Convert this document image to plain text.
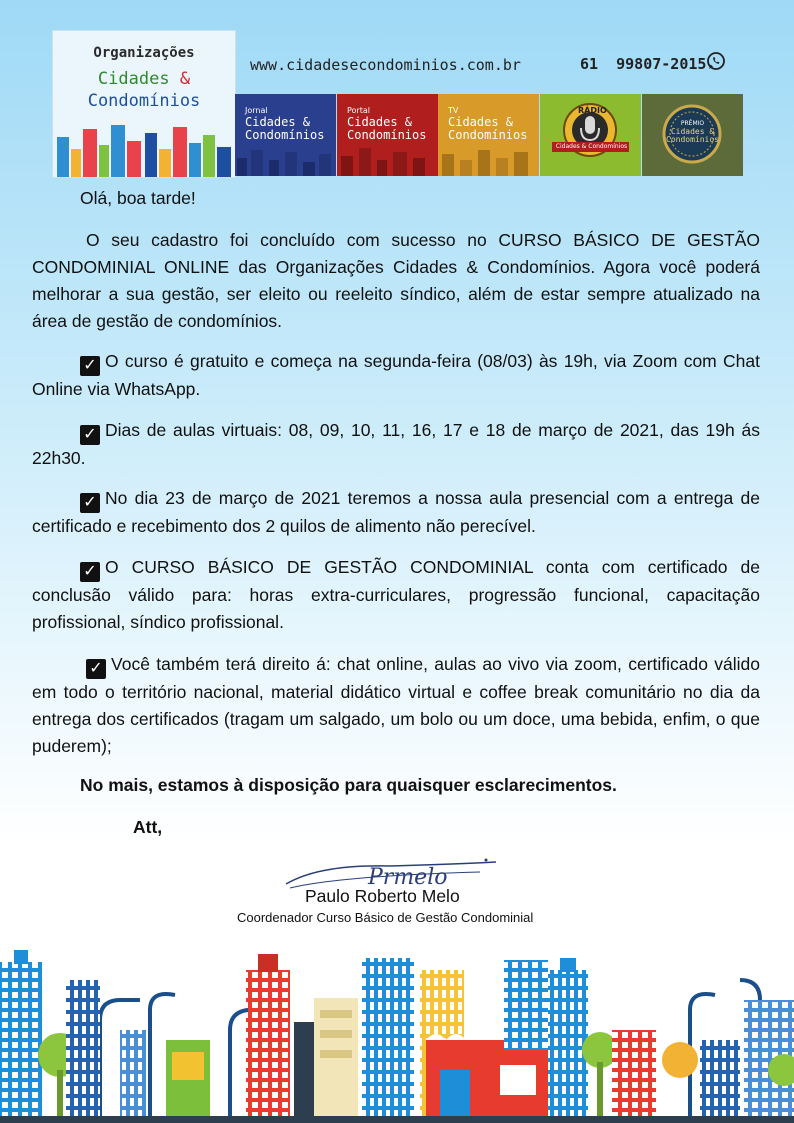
Organizações
Cidades &
Condomínios
www.cidadesecondominios.com.br	61 99807-2015
Jornal
Cidades &
Condomínios
Portal
Cidades &
Condomínios
TV
Cidades &
Condomínios
RÁDIO
Cidades & Condomínios
PRÊMIO
Cidades &
Condomínios
Olá, boa tarde!
O seu cadastro foi concluído com sucesso no CURSO BÁSICO DE GESTÃO CONDOMINIAL ONLINE das Organizações Cidades & Condomínios. Agora você poderá melhorar a sua gestão, ser eleito ou reeleito síndico, além de estar sempre atualizado na área de gestão de condomínios.
✓ O curso é gratuito e começa na segunda-feira (08/03) às 19h, via Zoom com Chat Online via WhatsApp.
✓ Dias de aulas virtuais: 08, 09, 10, 11, 16, 17 e 18 de março de 2021, das 19h ás 22h30.
✓ No dia 23 de março de 2021 teremos a nossa aula presencial com a entrega de certificado e recebimento dos 2 quilos de alimento não perecível.
✓ O CURSO BÁSICO DE GESTÃO CONDOMINIAL conta com certificado de conclusão válido para: horas extra-curriculares, progressão funcional, capacitação profissional, síndico profissional.
✓ Você também terá direito á: chat online, aulas ao vivo via zoom, certificado válido em todo o território nacional, material didático virtual e coffee break comunitário no dia da entrega dos certificados (tragam um salgado, um bolo ou um doce, uma bebida, enfim, o que puderem);
No mais, estamos à disposição para quaisquer esclarecimentos.
Att,
Prmelo
Paulo Roberto Melo
Coordenador Curso Básico de Gestão Condominial
